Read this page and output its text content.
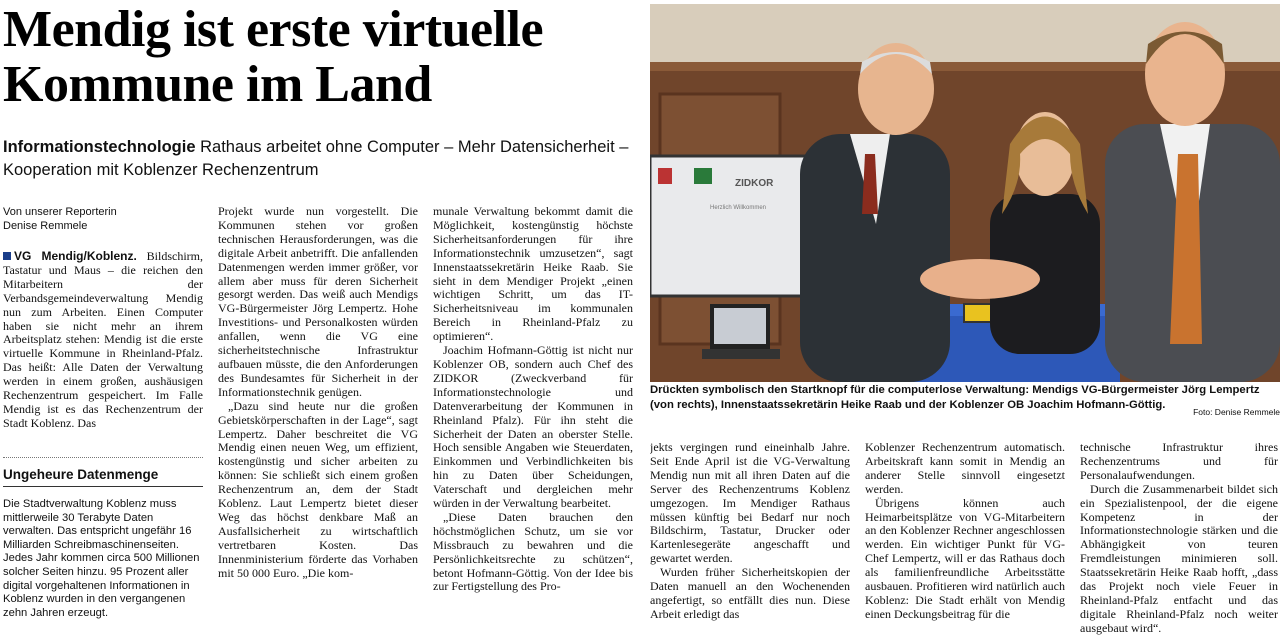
Mendig ist erste virtuelle Kommune im Land

Informationstechnologie Rathaus arbeitet ohne Computer – Mehr Datensicherheit – Kooperation mit Koblenzer Rechenzentrum

Von unserer Reporterin
Denise Remmele

VG Mendig/Koblenz. Bildschirm, Tastatur und Maus – die reichen den Mitarbeitern der Verbandsgemeindeverwaltung Mendig nun zum Arbeiten. Einen Computer haben sie nicht mehr an ihrem Arbeitsplatz stehen: Mendig ist die erste virtuelle Kommune in Rheinland-Pfalz. Das heißt: Alle Daten der Verwaltung werden in einem großen, aushäusigen Rechenzentrum gespeichert. Im Falle Mendig ist es das Rechenzentrum der Stadt Koblenz. Das

Ungeheure Datenmenge

Die Stadtverwaltung Koblenz muss mittlerweile 30 Terabyte Daten verwalten. Das entspricht ungefähr 16 Milliarden Schreibmaschinenseiten. Jedes Jahr kommen circa 500 Millionen solcher Seiten hinzu. 95 Prozent aller digital vorgehaltenen Informationen in Koblenz wurden in den vergangenen zehn Jahren erzeugt.

Projekt wurde nun vorgestellt. Die Kommunen stehen vor großen technischen Herausforderungen, was die digitale Arbeit anbetrifft. Die anfallenden Datenmengen werden immer größer, vor allem aber muss für deren Sicherheit gesorgt werden. Das weiß auch Mendigs VG-Bürgermeister Jörg Lempertz. Hohe Investitions- und Personalkosten würden anfallen, wenn die VG eine sicherheitstechnische Infrastruktur aufbauen müsste, die den Anforderungen des Bundesamtes für Sicherheit in der Informationstechnik genügen.

„Dazu sind heute nur die großen Gebietskörperschaften in der Lage“, sagt Lempertz. Daher beschreitet die VG Mendig einen neuen Weg, um effizient, kostengünstig und sicher arbeiten zu können: Sie schließt sich einem großen Rechenzentrum an, dem der Stadt Koblenz. Laut Lempertz bietet dieser Weg das höchst denkbare Maß an Ausfallsicherheit zu wirtschaftlich vertretbaren Kosten. Das Innenministerium förderte das Vorhaben mit 50 000 Euro. „Die kom-

munale Verwaltung bekommt damit die Möglichkeit, kostengünstig höchste Sicherheitsanforderungen für ihre Informationstechnik umzusetzen“, sagt Innenstaatssekretärin Heike Raab. Sie sieht in dem Mendiger Projekt „einen wichtigen Schritt, um das IT-Sicherheitsniveau im kommunalen Bereich in Rheinland-Pfalz zu optimieren“.

Joachim Hofmann-Göttig ist nicht nur Koblenzer OB, sondern auch Chef des ZIDKOR (Zweckverband für Informationstechnologie und Datenverarbeitung der Kommunen in Rheinland Pfalz). Für ihn steht die Sicherheit der Daten an oberster Stelle. Hoch sensible Angaben wie Steuerdaten, Einkommen und Verbindlichkeiten bis hin zu Daten über Scheidungen, Vaterschaft und dergleichen mehr würden in der Verwaltung bearbeitet.

„Diese Daten brauchen den höchstmöglichen Schutz, um sie vor Missbrauch zu bewahren und die Persönlichkeitsrechte zu schützen“, betont Hofmann-Göttig. Von der Idee bis zur Fertigstellung des Pro-

ZIDKOR
Herzlich Willkommen
Drückten symbolisch den Startknopf für die computerlose Verwaltung: Mendigs VG-Bürgermeister Jörg Lempertz (von rechts), Innenstaatssekretärin Heike Raab und der Koblenzer OB Joachim Hofmann-Göttig.
Foto: Denise Remmele

jekts vergingen rund eineinhalb Jahre. Seit Ende April ist die VG-Verwaltung Mendig nun mit all ihren Daten auf die Server des Rechenzentrums Koblenz umgezogen. Im Mendiger Rathaus müssen künftig bei Bedarf nur noch Bildschirm, Tastatur, Drucker oder Kartenlesegeräte angeschafft und gewartet werden.

Wurden früher Sicherheitskopien der Daten manuell an den Wochenenden angefertigt, so entfällt dies nun. Diese Arbeit erledigt das

Koblenzer Rechenzentrum automatisch. Arbeitskraft kann somit in Mendig an anderer Stelle sinnvoll eingesetzt werden.

Übrigens können auch Heimarbeitsplätze von VG-Mitarbeitern an den Koblenzer Rechner angeschlossen werden. Ein wichtiger Punkt für VG-Chef Lempertz, will er das Rathaus doch als familienfreundliche Arbeitsstätte ausbauen. Profitieren wird natürlich auch Koblenz: Die Stadt erhält von Mendig einen Deckungsbeitrag für die

technische Infrastruktur ihres Rechenzentrums und für Personalaufwendungen.

Durch die Zusammenarbeit bildet sich ein Spezialistenpool, der die eigene Kompetenz in der Informationstechnologie stärken und die Abhängigkeit von teuren Fremdleistungen minimieren soll. Staatssekretärin Heike Raab hofft, „dass das Projekt noch viele Feuer in Rheinland-Pfalz entfacht und das digitale Rheinland-Pfalz noch weiter ausgebaut wird“.
